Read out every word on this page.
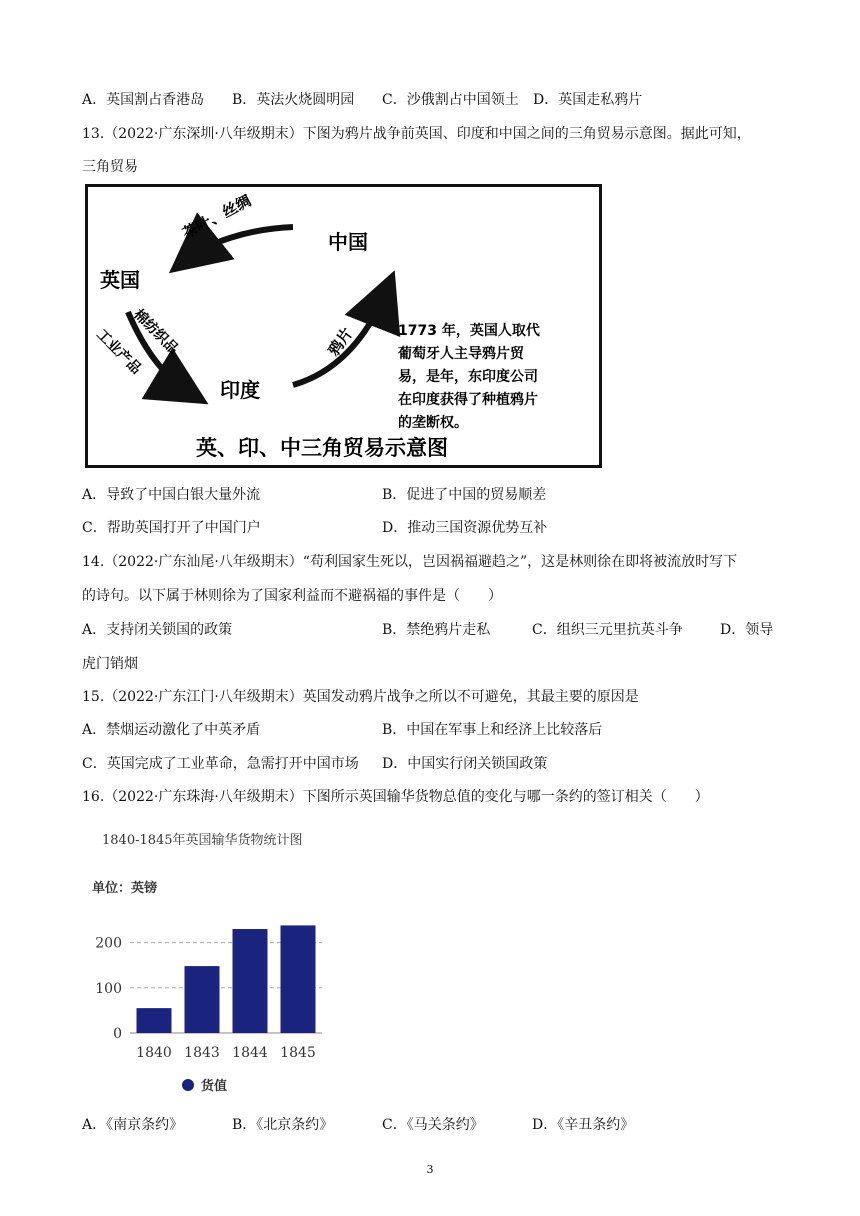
A．英国割占香港岛 B．英法火烧圆明园 C．沙俄割占中国领土 D．英国走私鸦片
13.（2022·广东深圳·八年级期末）下图为鸦片战争前英国、印度和中国之间的三角贸易示意图。据此可知，
三角贸易
茶叶、丝绸	中国
英国
棉纺织品
工业产品
印度
鸦片	1773 年，英国人取代
葡萄牙人主导鸦片贸
易，是年，东印度公司
在印度获得了种植鸦片
的垄断权。
英、印、中三角贸易示意图
A．导致了中国白银大量外流	B．促进了中国的贸易顺差
C．帮助英国打开了中国门户	D．推动三国资源优势互补
14.（2022·广东汕尾·八年级期末）“苟利国家生死以，岂因祸福避趋之”，这是林则徐在即将被流放时写下
的诗句。以下属于林则徐为了国家利益而不避祸福的事件是（　　）
A．支持闭关锁国的政策	B．禁绝鸦片走私	C．组织三元里抗英斗争	D．领导
虎门销烟
15.（2022·广东江门·八年级期末）英国发动鸦片战争之所以不可避免，其最主要的原因是
A．禁烟运动激化了中英矛盾	B．中国在军事上和经济上比较落后
C．英国完成了工业革命，急需打开中国市场 D．中国实行闭关锁国政策
16.（2022·广东珠海·八年级期末）下图所示英国输华货物总值的变化与哪一条约的签订相关（　　）
1840-1845年英国输华货物统计图
单位：英镑
0
100
200
1840 1843 1844 1845
货值
A．《南京条约》	B．《北京条约》	C．《马关条约》	D．《辛丑条约》
3
